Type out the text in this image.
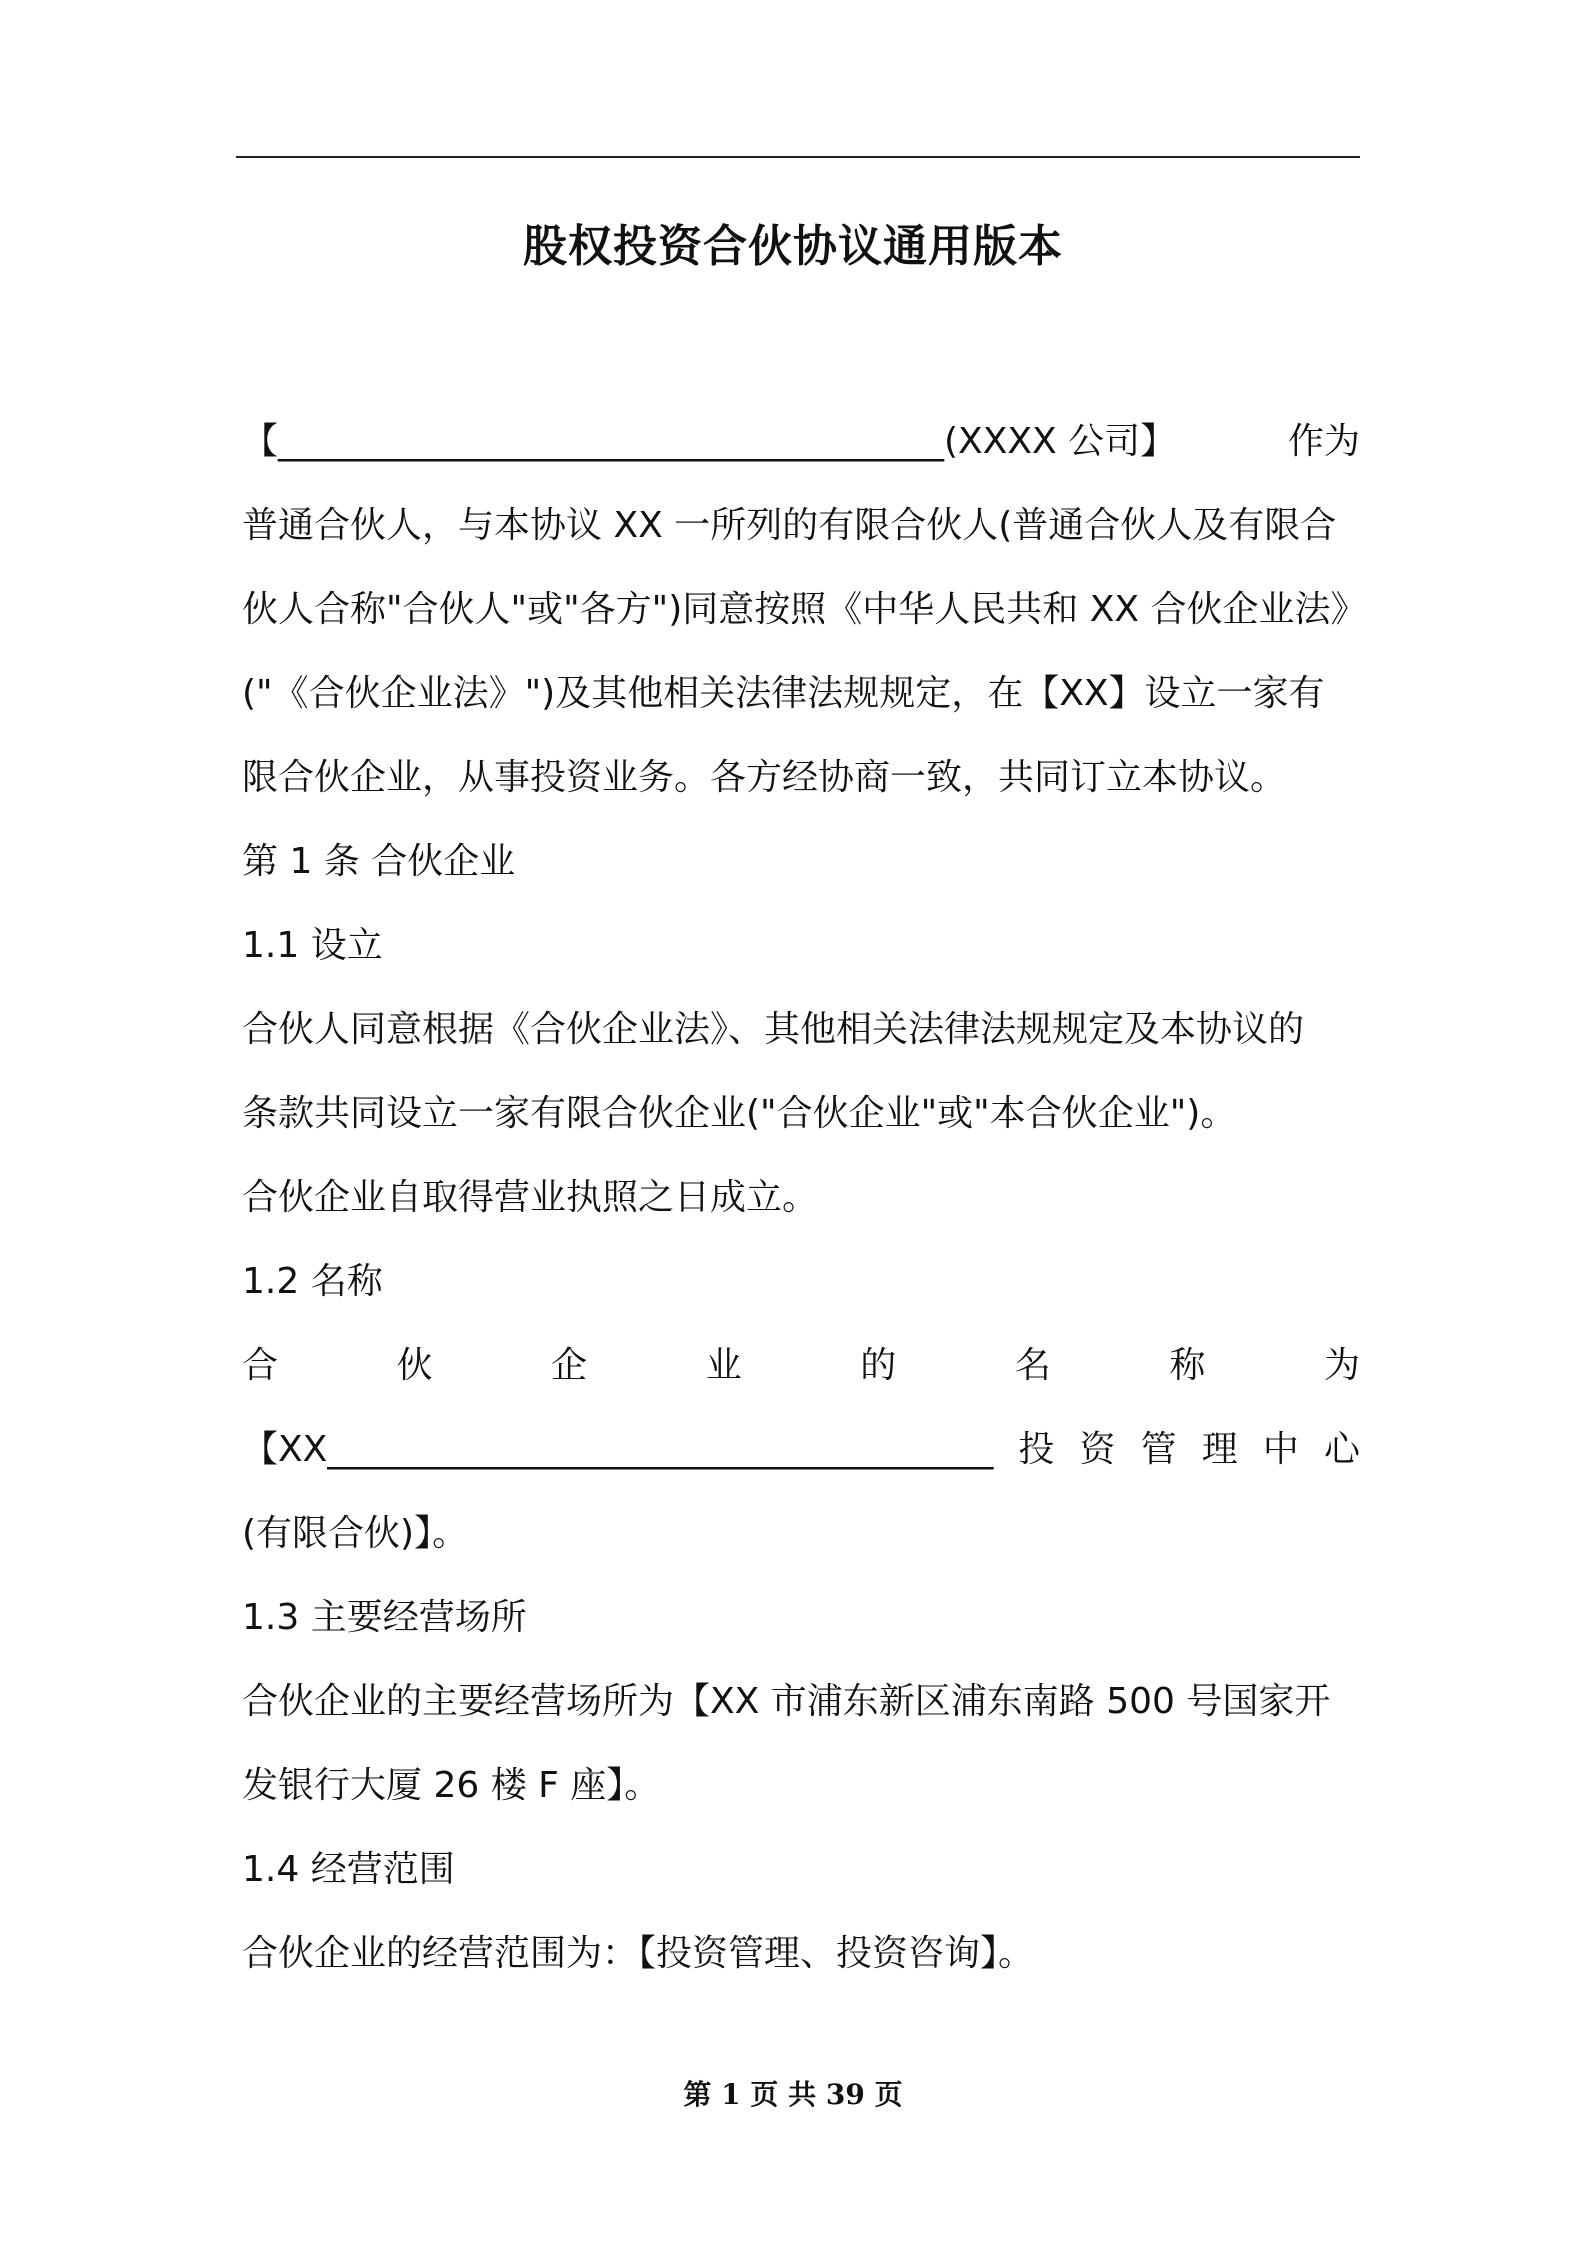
股权投资合伙协议通用版本
【_____________________________________(XXXX 公司】	作为
普通合伙人，与本协议 XX 一所列的有限合伙人(普通合伙人及有限合
伙人合称"合伙人"或"各方")同意按照《中华人民共和 XX 合伙企业法》
("《合伙企业法》")及其他相关法律法规规定，在【XX】设立一家有
限合伙企业，从事投资业务。各方经协商一致，共同订立本协议。
第 1 条 合伙企业
1.1 设立
合伙人同意根据《合伙企业法》、其他相关法律法规规定及本协议的
条款共同设立一家有限合伙企业("合伙企业"或"本合伙企业")。
合伙企业自取得营业执照之日成立。
1.2 名称
合	伙	企	业	的	名	称	为
【XX_____________________________________ 投 资 管 理 中 心
(有限合伙)】。
1.3 主要经营场所
合伙企业的主要经营场所为【XX 市浦东新区浦东南路 500 号国家开
发银行大厦 26 楼 F 座】。
1.4 经营范围
合伙企业的经营范围为：【投资管理、投资咨询】。
第 1 页 共 39 页
